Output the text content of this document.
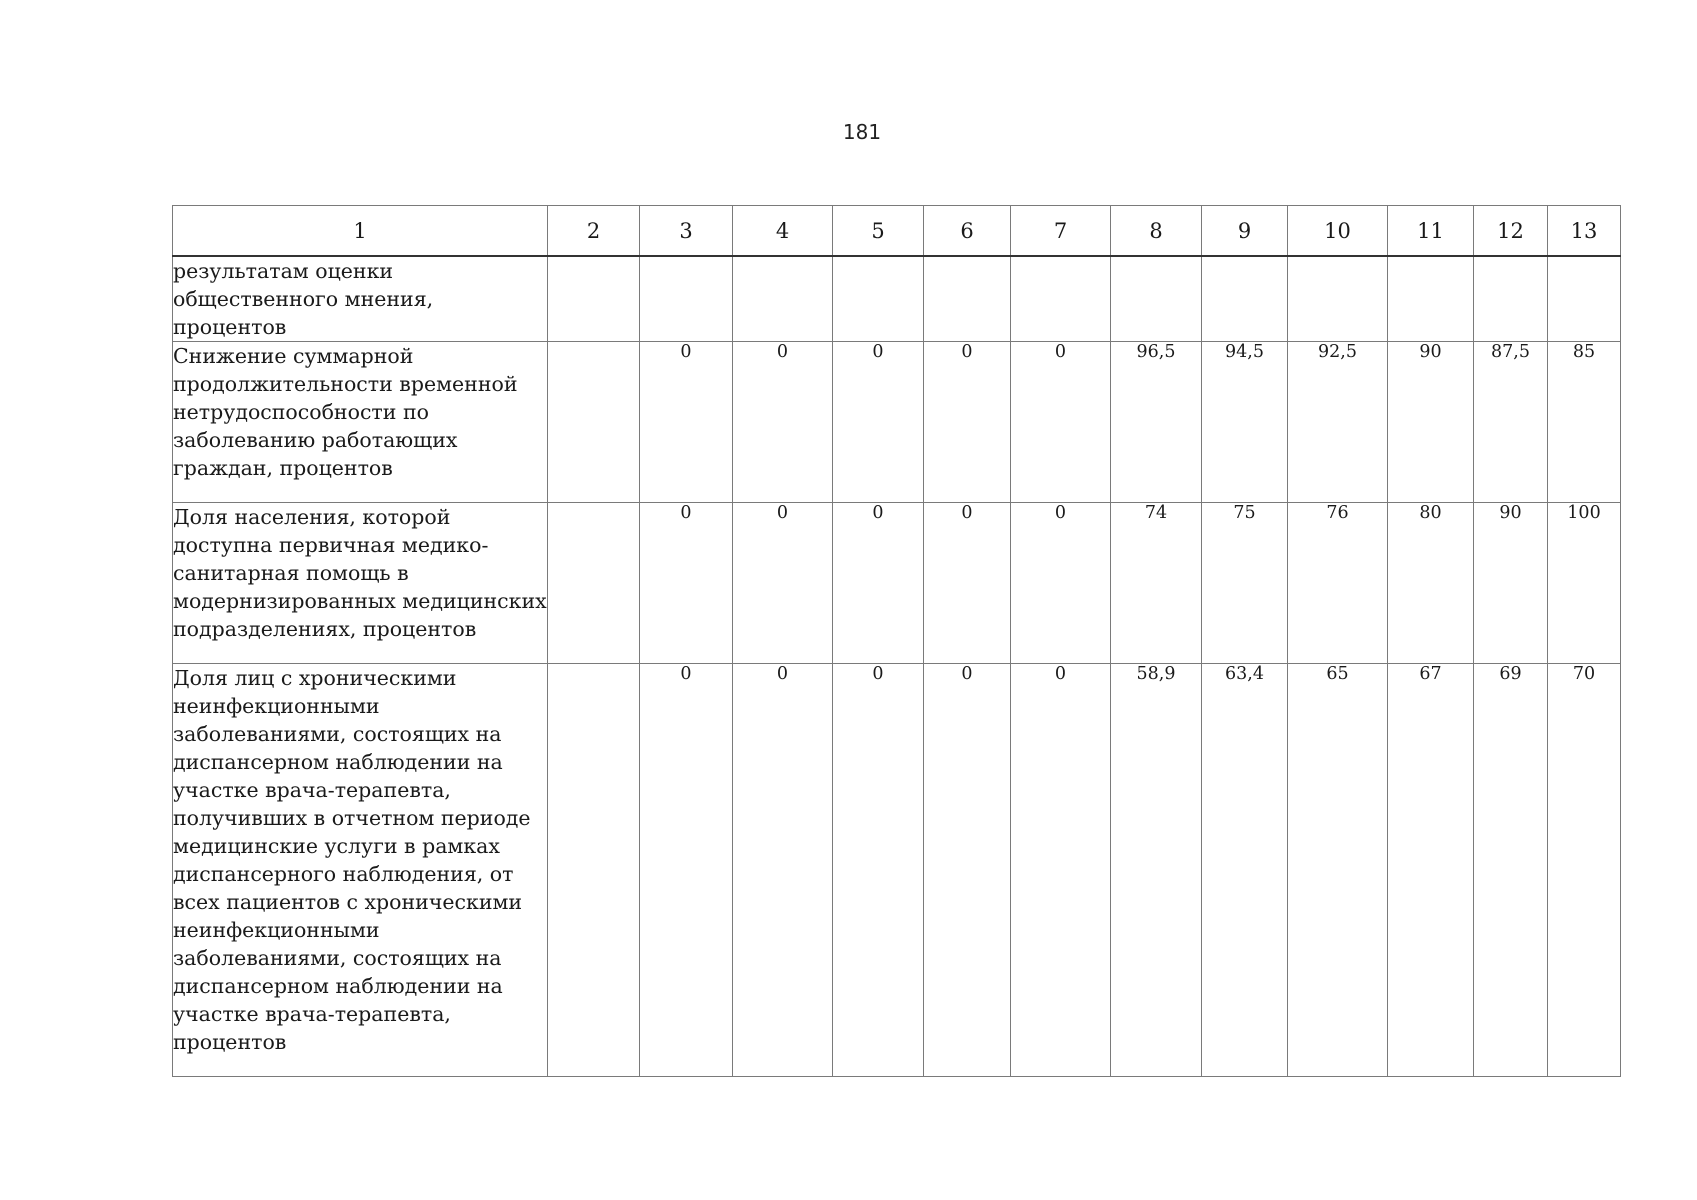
181
1	2	3	4	5	6	7	8	9	10	11	12	13
результатам оценки общественного мнения, процентов												
Снижение суммарной продолжительности временной нетрудоспособности по заболеванию работающих граждан, процентов		0	0	0	0	0	96,5	94,5	92,5	90	87,5	85
Доля населения, которой доступна первичная медико-санитарная помощь в модернизированных медицинских подразделениях, процентов		0	0	0	0	0	74	75	76	80	90	100
Доля лиц с хроническими неинфекционными заболеваниями, состоящих на диспансерном наблюдении на участке врача-терапевта, получивших в отчетном периоде медицинские услуги в рамках диспансерного наблюдения, от всех пациентов с хроническими неинфекционными заболеваниями, состоящих на диспансерном наблюдении на участке врача-терапевта, процентов		0	0	0	0	0	58,9	63,4	65	67	69	70
